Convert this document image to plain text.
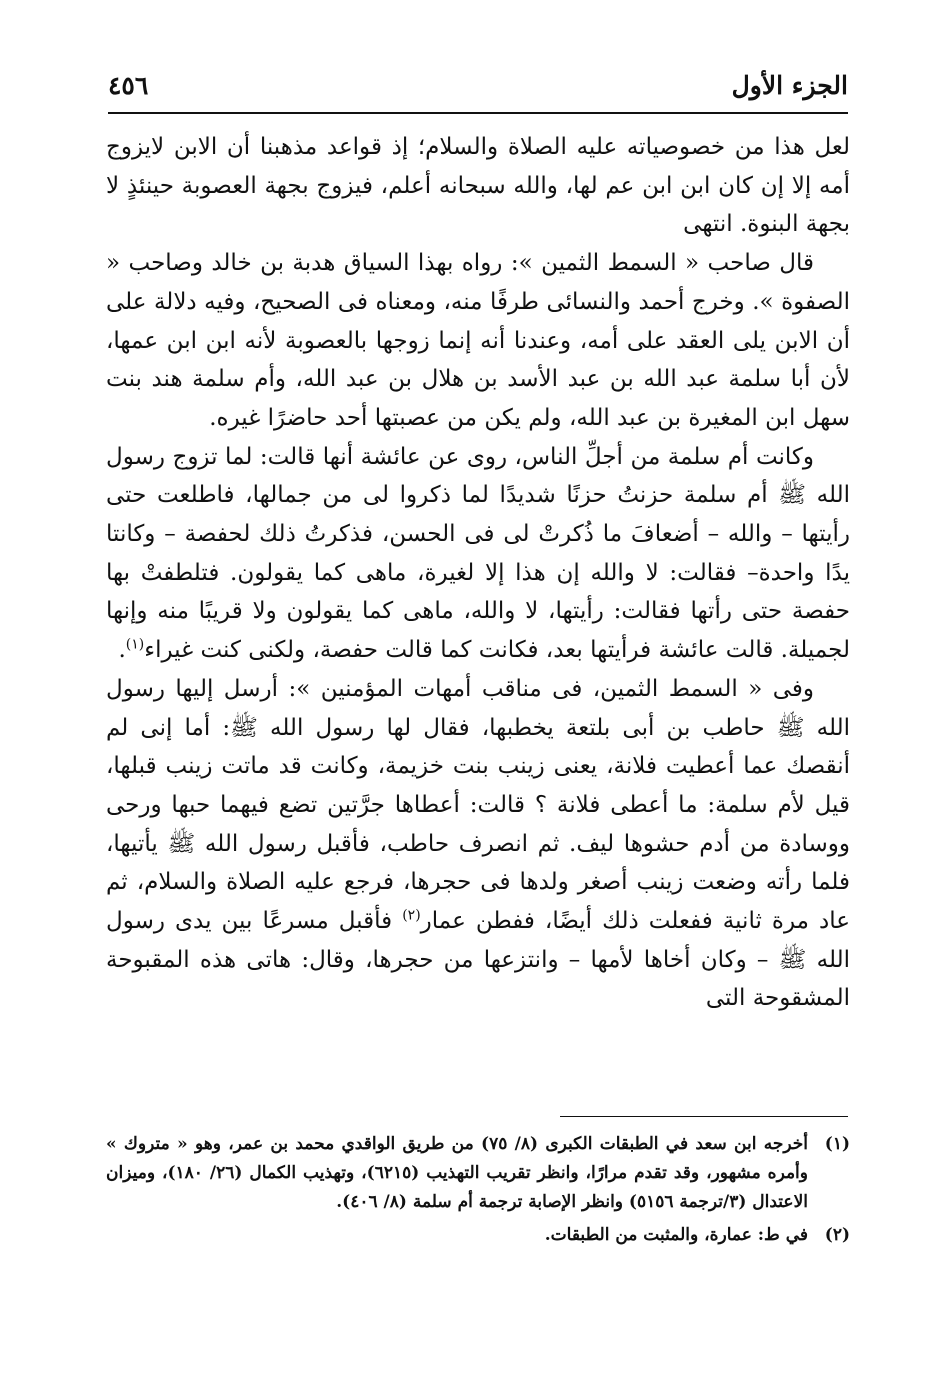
٤٥٦	الجزء الأول

لعل هذا من خصوصياته عليه الصلاة والسلام؛ إذ قواعد مذهبنا أن الابن لايزوج أمه إلا إن كان ابن ابن عم لها، والله سبحانه أعلم، فيزوج بجهة العصوبة حينئذٍ لا بجهة البنوة. انتهى

قال صاحب « السمط الثمين »: رواه بهذا السياق هدبة بن خالد وصاحب « الصفوة ». وخرج أحمد والنسائى طرفًا منه، ومعناه فى الصحيح، وفيه دلالة على أن الابن يلى العقد على أمه، وعندنا أنه إنما زوجها بالعصوبة لأنه ابن ابن عمها، لأن أبا سلمة عبد الله بن عبد الأسد بن هلال بن عبد الله، وأم سلمة هند بنت سهل ابن المغيرة بن عبد الله، ولم يكن من عصبتها أحد حاضرًا غيره.

وكانت أم سلمة من أجلِّ الناس، روى عن عائشة أنها قالت: لما تزوج رسول الله ﷺ أم سلمة حزنتُ حزنًا شديدًا لما ذكروا لى من جمالها، فاطلعت حتى رأيتها – والله – أضعافَ ما ذُكرتْ لى فى الحسن، فذكرتُ ذلك لحفصة – وكانتا يدًا واحدة– فقالت: لا والله إن هذا إلا لغيرة، ماهى كما يقولون. فتلطفتْ بها حفصة حتى رأتها فقالت: رأيتها، لا والله، ماهى كما يقولون ولا قريبًا منه وإنها لجميلة. قالت عائشة فرأيتها بعد، فكانت كما قالت حفصة، ولكنى كنت غيراء$^{(١)}$.

وفى « السمط الثمين، فى مناقب أمهات المؤمنين »: أرسل إليها رسول الله ﷺ حاطب بن أبى بلتعة يخطبها، فقال لها رسول الله ﷺ: أما إنى لم أنقصك عما أعطيت فلانة، يعنى زينب بنت خزيمة، وكانت قد ماتت زينب قبلها، قيل لأم سلمة: ما أعطى فلانة ؟ قالت: أعطاها جرَّتين تضع فيهما حبها ورحى ووسادة من أدم حشوها ليف. ثم انصرف حاطب، فأقبل رسول الله ﷺ يأتيها، فلما رأته وضعت زينب أصغر ولدها فى حجرها، فرجع عليه الصلاة والسلام، ثم عاد مرة ثانية ففعلت ذلك أيضًا، ففطن عمار$^{(٢)}$ فأقبل مسرعًا بين يدى رسول الله ﷺ – وكان أخاها لأمها – وانتزعها من حجرها، وقال: هاتى هذه المقبوحة المشقوحة التى

(١)
أخرجه ابن سعد في الطبقات الكبرى (٨/ ٧٥) من طريق الواقدي محمد بن عمر، وهو « متروك » وأمره مشهور، وقد تقدم مرارًا، وانظر تقريب التهذيب (٦٢١٥)، وتهذيب الكمال (٢٦/ ١٨٠)، وميزان الاعتدال (٣/ترجمة ٥١٥٦) وانظر الإصابة ترجمة أم سلمة (٨/ ٤٠٦).
(٢)
في ط: عمارة، والمثبت من الطبقات.
